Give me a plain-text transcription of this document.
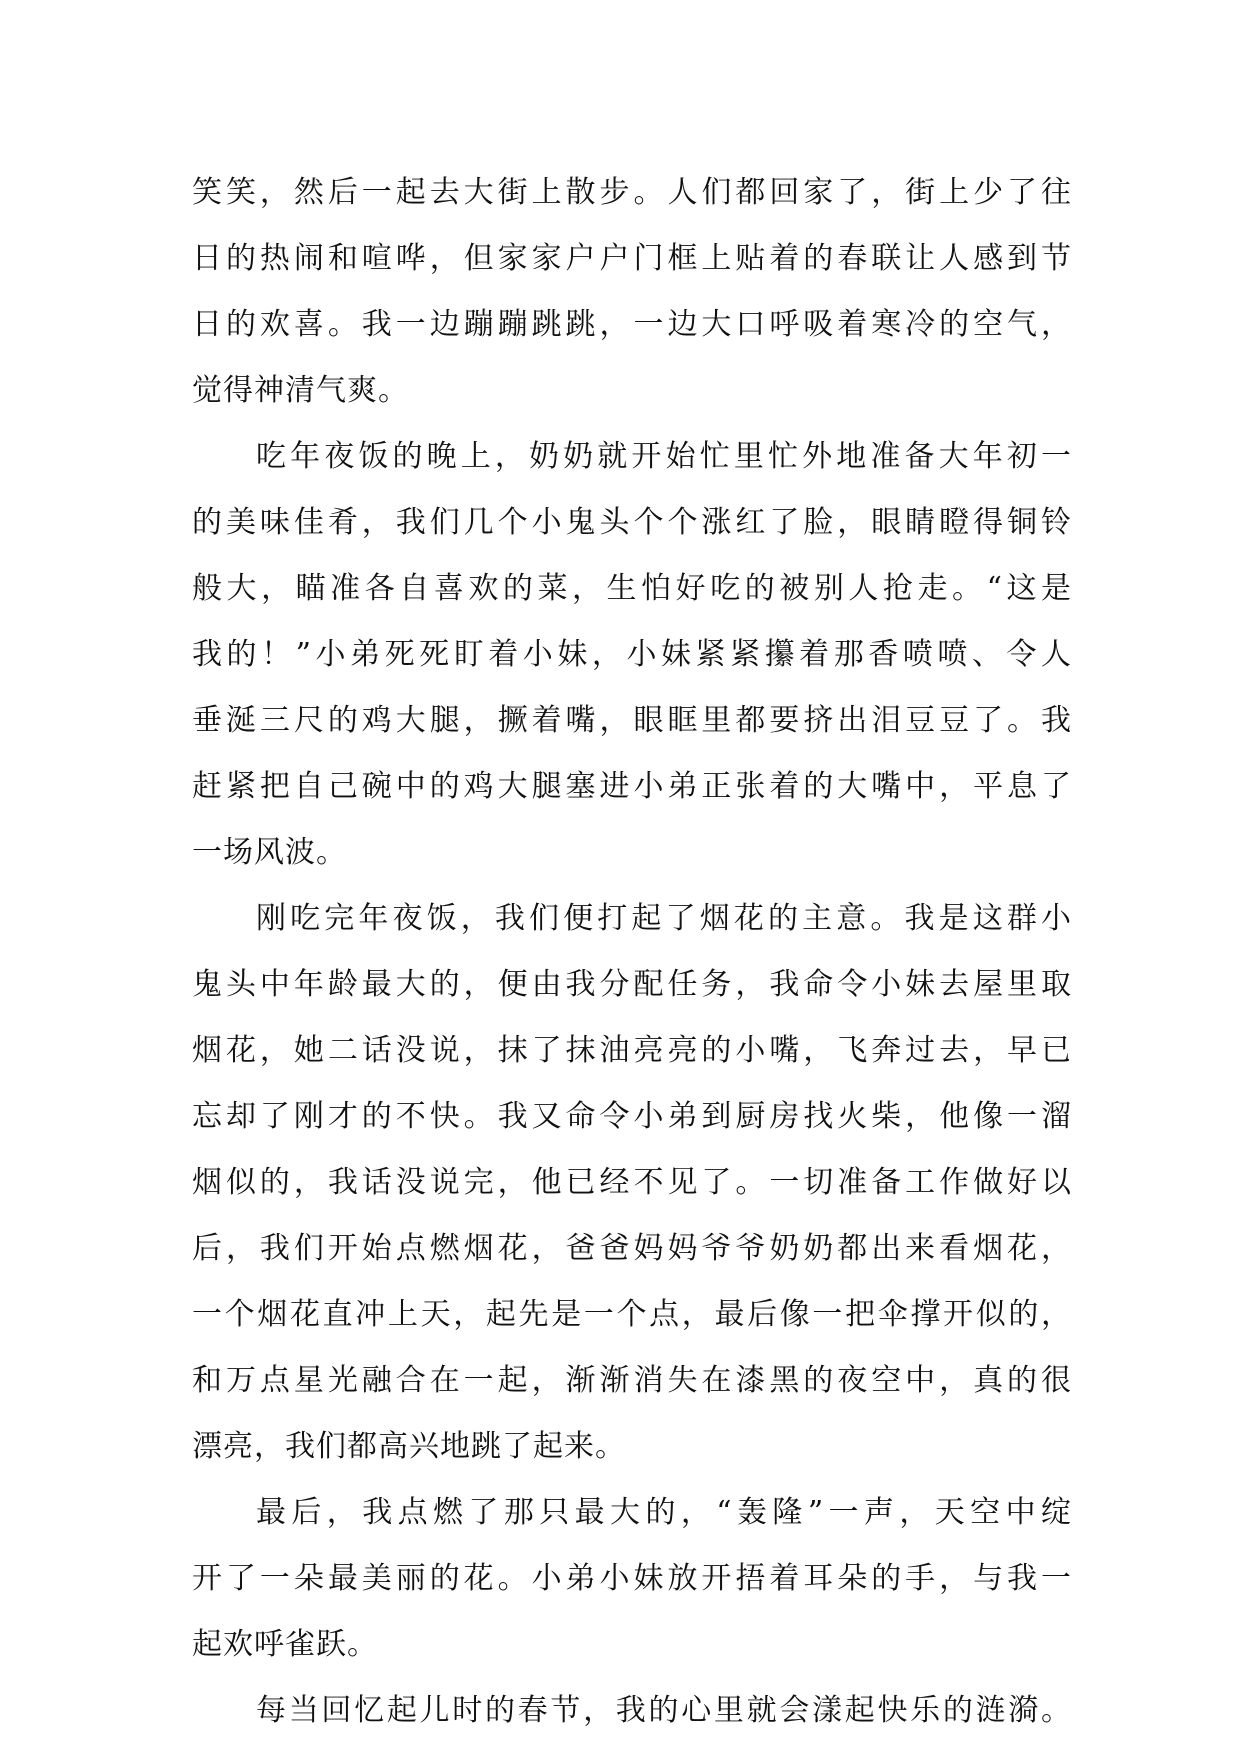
笑笑，然后一起去大街上散步。人们都回家了，街上少了往
日的热闹和喧哗，但家家户户门框上贴着的春联让人感到节
日的欢喜。我一边蹦蹦跳跳，一边大口呼吸着寒冷的空气，
觉得神清气爽。
吃年夜饭的晚上，奶奶就开始忙里忙外地准备大年初一
的美味佳肴，我们几个小鬼头个个涨红了脸，眼睛瞪得铜铃
般大，瞄准各自喜欢的菜，生怕好吃的被别人抢走。“这是
我的！”小弟死死盯着小妹，小妹紧紧攥着那香喷喷、令人
垂涎三尺的鸡大腿，撅着嘴，眼眶里都要挤出泪豆豆了。我
赶紧把自己碗中的鸡大腿塞进小弟正张着的大嘴中，平息了
一场风波。
刚吃完年夜饭，我们便打起了烟花的主意。我是这群小
鬼头中年龄最大的，便由我分配任务，我命令小妹去屋里取
烟花，她二话没说，抹了抹油亮亮的小嘴，飞奔过去，早已
忘却了刚才的不快。我又命令小弟到厨房找火柴，他像一溜
烟似的，我话没说完，他已经不见了。一切准备工作做好以
后，我们开始点燃烟花，爸爸妈妈爷爷奶奶都出来看烟花，
一个烟花直冲上天，起先是一个点，最后像一把伞撑开似的，
和万点星光融合在一起，渐渐消失在漆黑的夜空中，真的很
漂亮，我们都高兴地跳了起来。
最后，我点燃了那只最大的，“轰隆”一声，天空中绽
开了一朵最美丽的花。小弟小妹放开捂着耳朵的手，与我一
起欢呼雀跃。
每当回忆起儿时的春节，我的心里就会漾起快乐的涟漪。
